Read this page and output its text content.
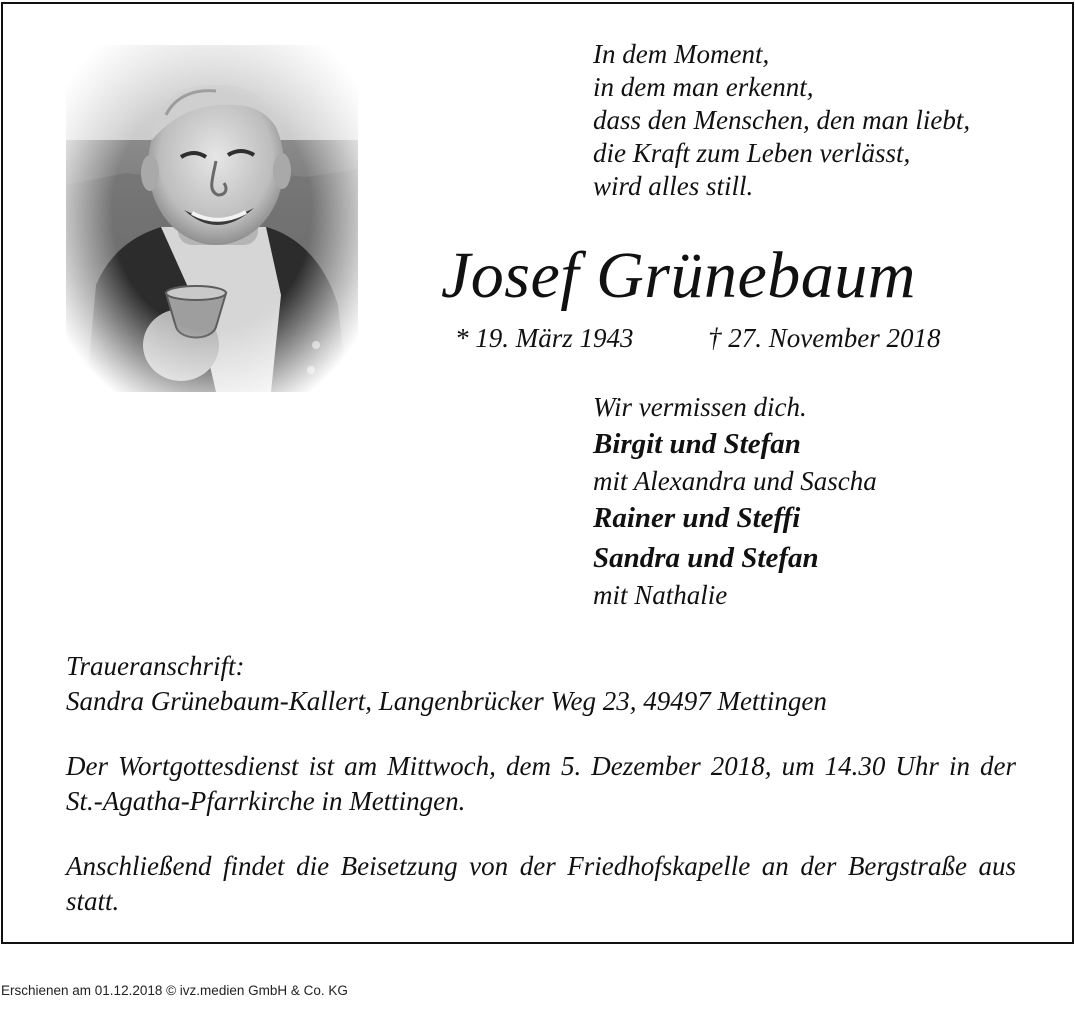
In dem Moment,
in dem man erkennt,
dass den Menschen, den man liebt,
die Kraft zum Leben verlässt,
wird alles still.
Josef Grünebaum
* 19. März 1943	† 27. November 2018
Wir vermissen dich.
Birgit und Stefan
mit Alexandra und Sascha
Rainer und Steffi
Sandra und Stefan
mit Nathalie
Traueranschrift:
Sandra Grünebaum-Kallert, Langenbrücker Weg 23, 49497 Mettingen

Der Wortgottesdienst ist am Mittwoch, dem 5. Dezember 2018, um 14.30 Uhr in der St.-Agatha-Pfarrkirche in Mettingen.

Anschließend findet die Beisetzung von der Friedhofskapelle an der Bergstraße aus statt.

Erschienen am 01.12.2018 © ivz.medien GmbH & Co. KG
